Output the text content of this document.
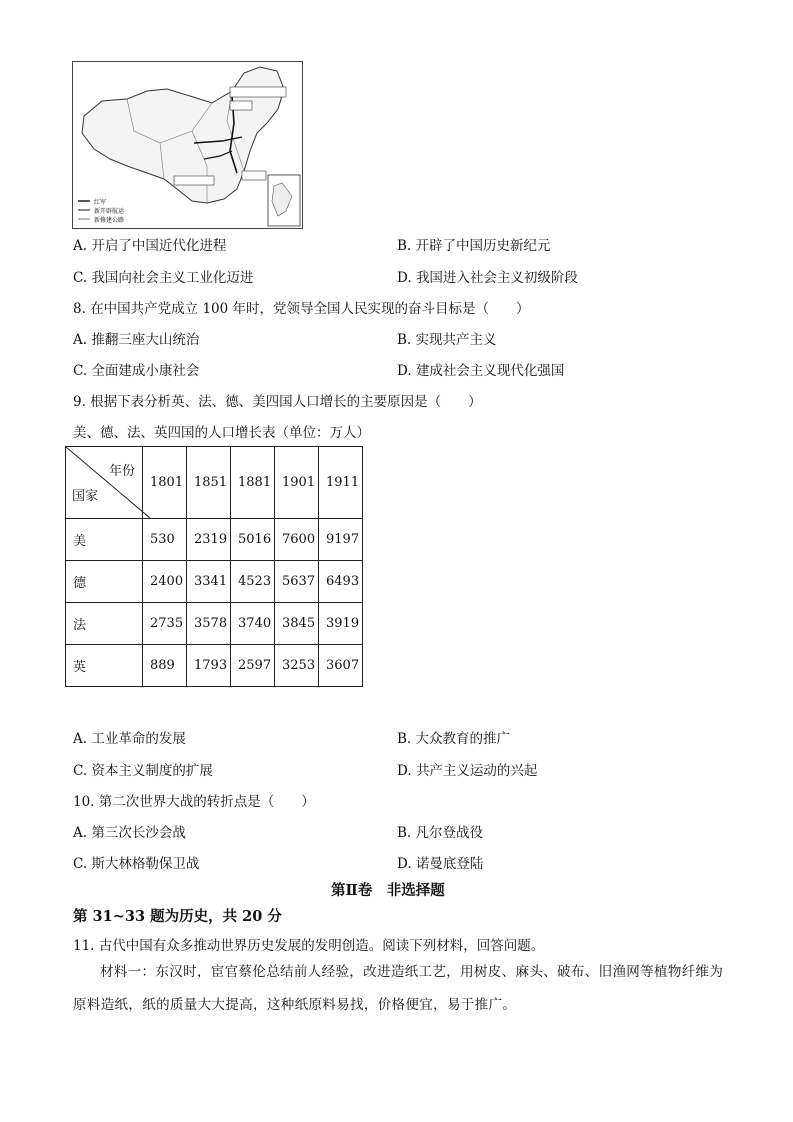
红军
新开辟航运
新修建公路
A. 开启了中国近代化进程	B. 开辟了中国历史新纪元
C. 我国向社会主义工业化迈进	D. 我国进入社会主义初级阶段
8. 在中国共产党成立 100 年时，党领导全国人民实现的奋斗目标是（　　）
A. 推翻三座大山统治	B. 实现共产主义
C. 全面建成小康社会	D. 建成社会主义现代化强国
9. 根据下表分析英、法、德、美四国人口增长的主要原因是（　　）
美、德、法、英四国的人口增长表（单位：万人）
年份
国家	1801	1851	1881	1901	1911
美	530	2319	5016	7600	9197
德	2400	3341	4523	5637	6493
法	2735	3578	3740	3845	3919
英	889	1793	2597	3253	3607
A. 工业革命的发展	B. 大众教育的推广
C. 资本主义制度的扩展	D. 共产主义运动的兴起
10. 第二次世界大战的转折点是（　　）
A. 第三次长沙会战	B. 凡尔登战役
C. 斯大林格勒保卫战	D. 诺曼底登陆
第Ⅱ卷　非选择题
第 31~33 题为历史，共 20 分
11. 古代中国有众多推动世界历史发展的发明创造。阅读下列材料，回答问题。
材料一：东汉时，宦官蔡伦总结前人经验，改进造纸工艺，用树皮、麻头、破布、旧渔网等植物纤维为原料造纸，纸的质量大大提高，这种纸原料易找，价格便宜，易于推广。
